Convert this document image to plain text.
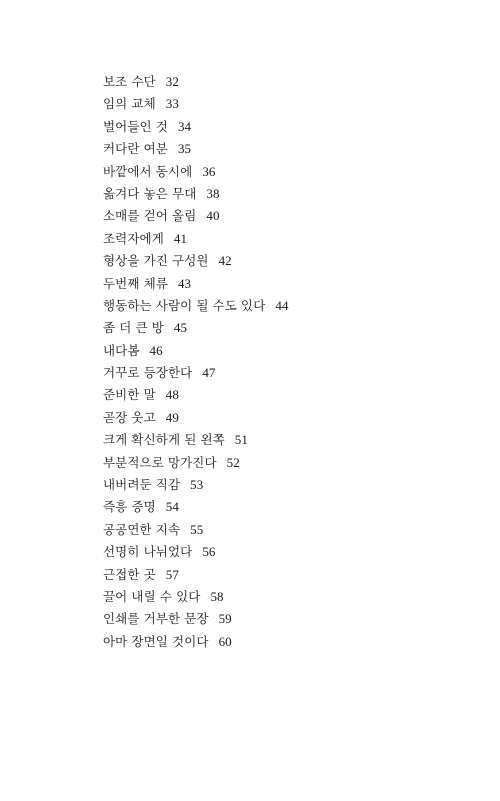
보조 수단 32
임의 교체 33
벌어들인 것 34
커다란 여분 35
바깥에서 동시에 36
옮겨다 놓은 무대 38
소매를 걷어 올림 40
조력자에게 41
형상을 가진 구성원 42
두번째 체류 43
행동하는 사람이 될 수도 있다 44
좀 더 큰 방 45
내다봄 46
거꾸로 등장한다 47
준비한 말 48
곧장 웃고 49
크게 확신하게 된 왼쪽 51
부분적으로 망가진다 52
내버려둔 직감 53
즉흥 증명 54
공공연한 지속 55
선명히 나뉘었다 56
근접한 곳 57
끌어 내릴 수 있다 58
인쇄를 거부한 문장 59
아마 장면일 것이다 60
